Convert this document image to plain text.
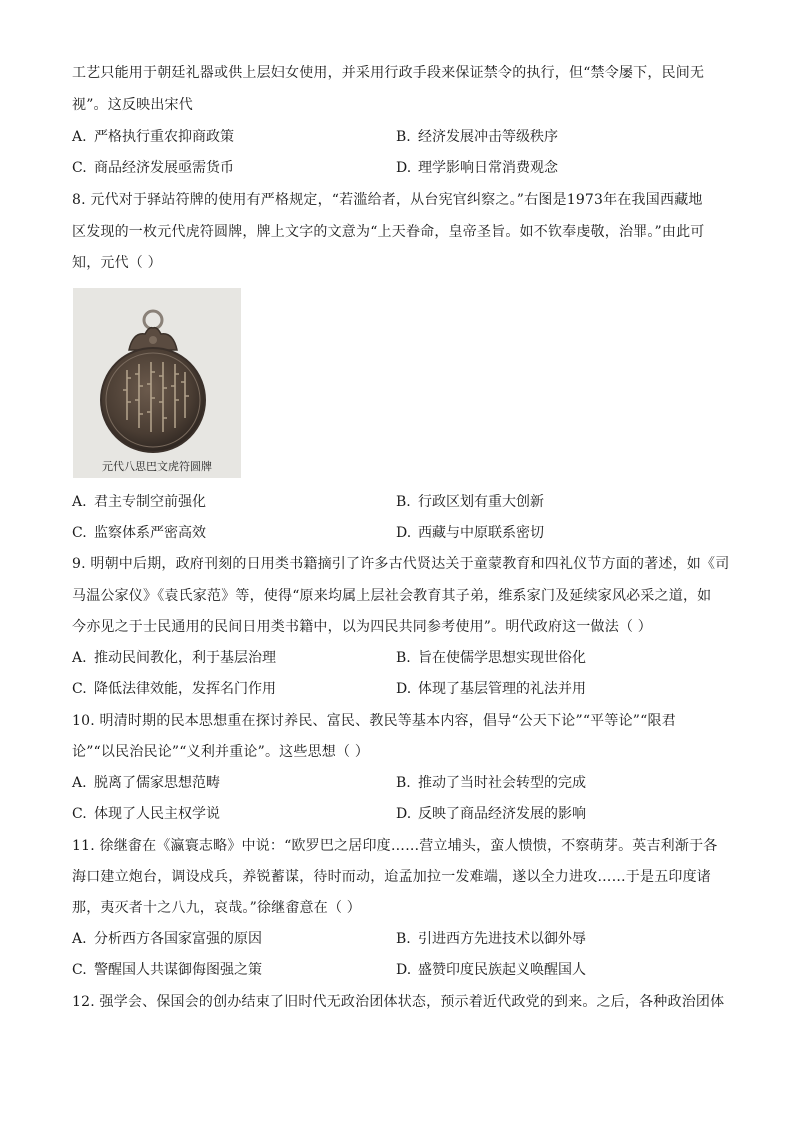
工艺只能用于朝廷礼器或供上层妇女使用，并采用行政手段来保证禁令的执行，但“禁令屡下，民间无
视”。这反映出宋代
A. 严格执行重农抑商政策	B. 经济发展冲击等级秩序
C. 商品经济发展亟需货币	D. 理学影响日常消费观念
8. 元代对于驿站符牌的使用有严格规定，“若滥给者，从台宪官纠察之。”右图是1973年在我国西藏地
区发现的一枚元代虎符圆牌，牌上文字的文意为“上天眷命，皇帝圣旨。如不钦奉虔敬，治罪。”由此可
知，元代（ ）
元代八思巴文虎符圆牌
A. 君主专制空前强化	B. 行政区划有重大创新
C. 监察体系严密高效	D. 西藏与中原联系密切
9. 明朝中后期，政府刊刻的日用类书籍摘引了许多古代贤达关于童蒙教育和四礼仪节方面的著述，如《司
马温公家仪》《袁氏家范》等，使得“原来均属上层社会教育其子弟，维系家门及延续家风必采之道，如
今亦见之于士民通用的民间日用类书籍中，以为四民共同参考使用”。明代政府这一做法（ ）
A. 推动民间教化，利于基层治理	B. 旨在使儒学思想实现世俗化
C. 降低法律效能，发挥名门作用	D. 体现了基层管理的礼法并用
10. 明清时期的民本思想重在探讨养民、富民、教民等基本内容，倡导“公天下论”“平等论”“限君
论”“以民治民论”“义利并重论”。这些思想（ ）
A. 脱离了儒家思想范畴	B. 推动了当时社会转型的完成
C. 体现了人民主权学说	D. 反映了商品经济发展的影响
11. 徐继畬在《瀛寰志略》中说：“欧罗巴之居印度……营立埔头，蛮人愦愦，不察萌芽。英吉利渐于各
海口建立炮台，调设戍兵，养锐蓄谋，待时而动，迨孟加拉一发难端，遂以全力进攻……于是五印度诸
那，夷灭者十之八九，哀哉。”徐继畬意在（ ）
A. 分析西方各国家富强的原因	B. 引进西方先进技术以御外辱
C. 警醒国人共谋御侮图强之策	D. 盛赞印度民族起义唤醒国人
12. 强学会、保国会的创办结束了旧时代无政治团体状态，预示着近代政党的到来。之后，各种政治团体
